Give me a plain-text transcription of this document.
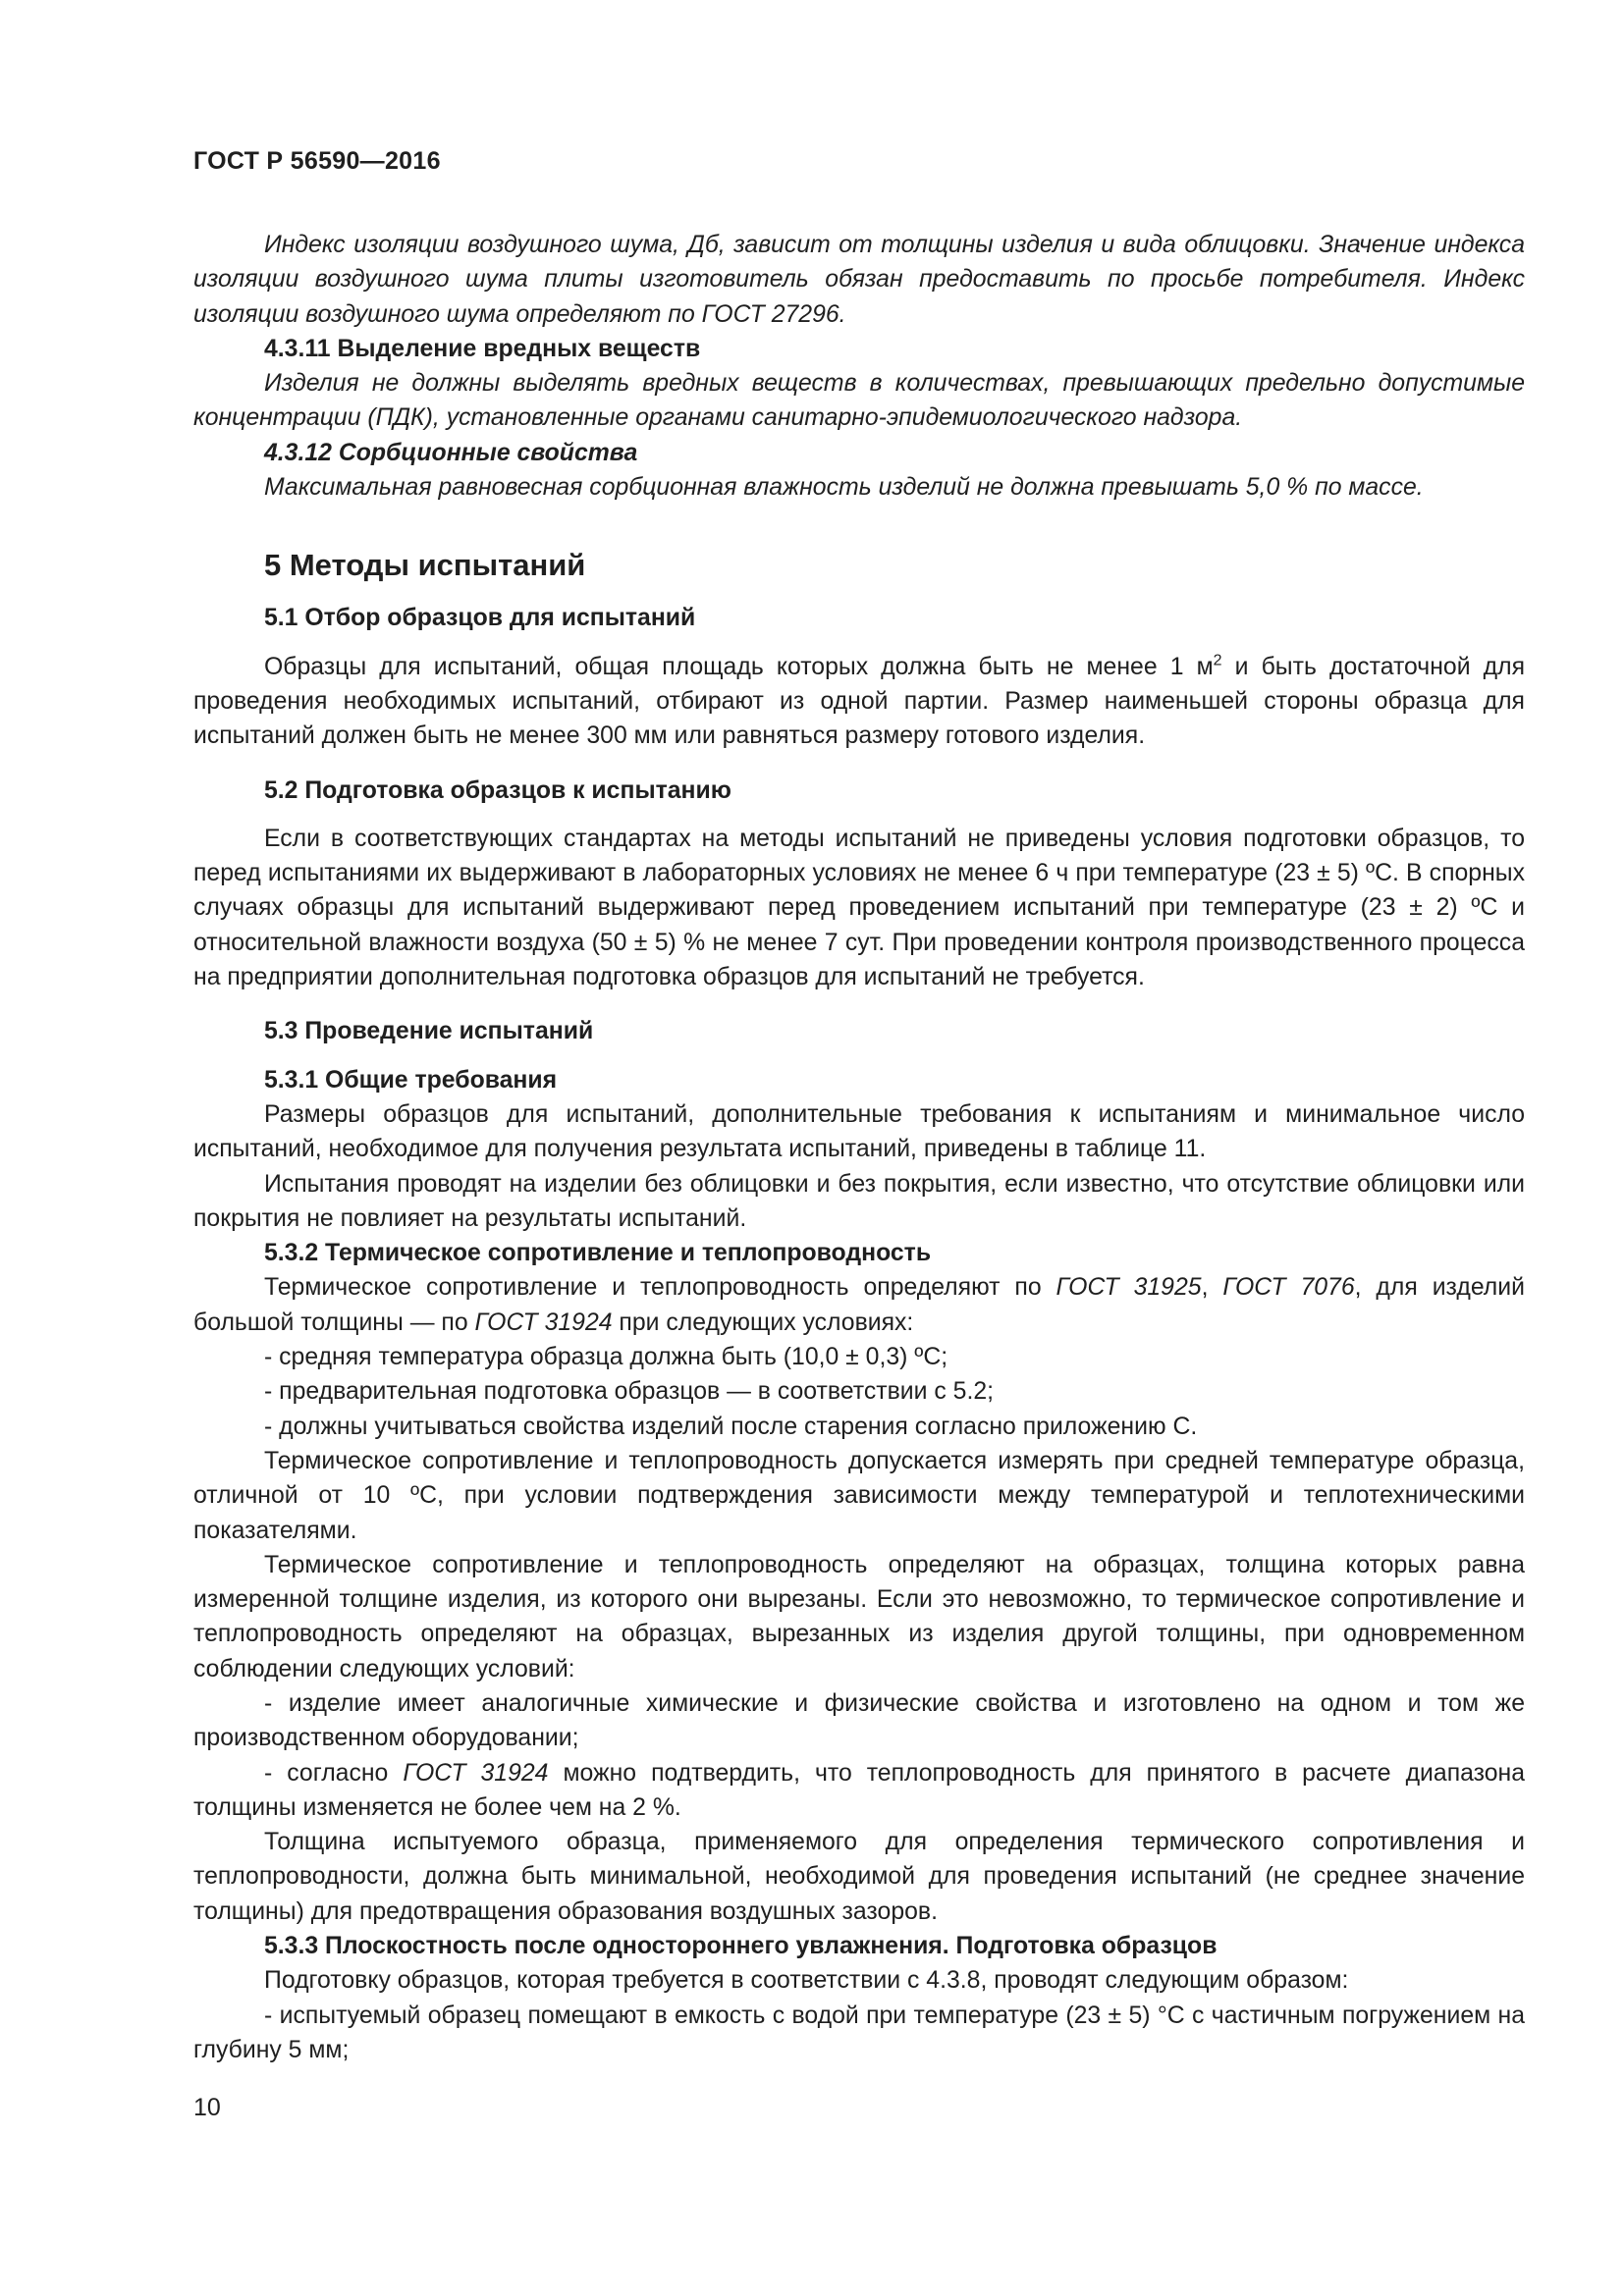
ГОСТ Р 56590—2016

Индекс изоляции воздушного шума, Дб, зависит от толщины изделия и вида облицовки. Значение индекса изоляции воздушного шума плиты изготовитель обязан предоставить по просьбе потребителя. Индекс изоляции воздушного шума определяют по ГОСТ 27296.

4.3.11 Выделение вредных веществ

Изделия не должны выделять вредных веществ в количествах, превышающих предельно допустимые концентрации (ПДК), установленные органами санитарно-эпидемиологического надзора.

4.3.12 Сорбционные свойства

Максимальная равновесная сорбционная влажность изделий не должна превышать 5,0 % по массе.

5 Методы испытаний

5.1 Отбор образцов для испытаний

Образцы для испытаний, общая площадь которых должна быть не менее 1 $м^2$ и быть достаточной для проведения необходимых испытаний, отбирают из одной партии. Размер наименьшей стороны образца для испытаний должен быть не менее 300 мм или равняться размеру готового изделия.

5.2 Подготовка образцов к испытанию

Если в соответствующих стандартах на методы испытаний не приведены условия подготовки образцов, то перед испытаниями их выдерживают в лабораторных условиях не менее 6 ч при температуре (23 ± 5) ºС. В спорных случаях образцы для испытаний выдерживают перед проведением испытаний при температуре (23 ± 2) ºС и относительной влажности воздуха (50 ± 5) % не менее 7 сут. При проведении контроля производственного процесса на предприятии дополнительная подготовка образцов для испытаний не требуется.

5.3 Проведение испытаний

5.3.1 Общие требования

Размеры образцов для испытаний, дополнительные требования к испытаниям и минимальное число испытаний, необходимое для получения результата испытаний, приведены в таблице 11.

Испытания проводят на изделии без облицовки и без покрытия, если известно, что отсутствие облицовки или покрытия не повлияет на результаты испытаний.

5.3.2 Термическое сопротивление и теплопроводность

Термическое сопротивление и теплопроводность определяют по ГОСТ 31925, ГОСТ 7076, для изделий большой толщины — по ГОСТ 31924 при следующих условиях:

- средняя температура образца должна быть (10,0 ± 0,3) ºС;

- предварительная подготовка образцов — в соответствии с 5.2;

- должны учитываться свойства изделий после старения согласно приложению С.

Термическое сопротивление и теплопроводность допускается измерять при средней температуре образца, отличной от 10 ºС, при условии подтверждения зависимости между температурой и теплотехническими показателями.

Термическое сопротивление и теплопроводность определяют на образцах, толщина которых равна измеренной толщине изделия, из которого они вырезаны. Если это невозможно, то термическое сопротивление и теплопроводность определяют на образцах, вырезанных из изделия другой толщины, при одновременном соблюдении следующих условий:

- изделие имеет аналогичные химические и физические свойства и изготовлено на одном и том же производственном оборудовании;

- согласно ГОСТ 31924 можно подтвердить, что теплопроводность для принятого в расчете диапазона толщины изменяется не более чем на 2 %.

Толщина испытуемого образца, применяемого для определения термического сопротивления и теплопроводности, должна быть минимальной, необходимой для проведения испытаний (не среднее значение толщины) для предотвращения образования воздушных зазоров.

5.3.3 Плоскостность после одностороннего увлажнения. Подготовка образцов

Подготовку образцов, которая требуется в соответствии с 4.3.8, проводят следующим образом:

- испытуемый образец помещают в емкость с водой при температуре (23 ± 5) °С с частичным погружением на глубину 5 мм;

10
